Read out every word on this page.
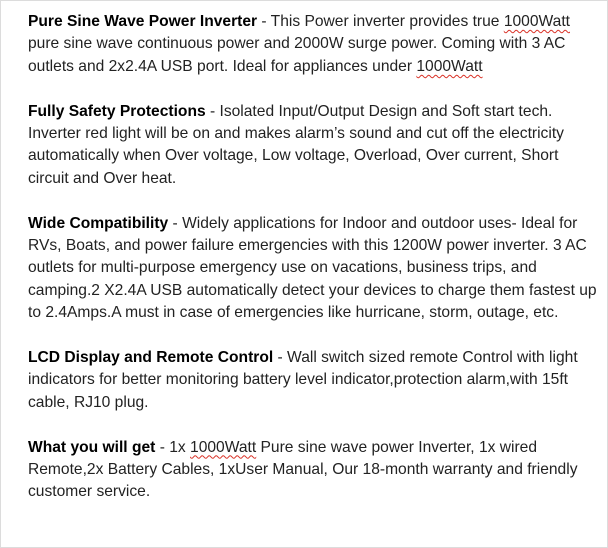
Pure Sine Wave Power Inverter - This Power inverter provides true 1000Watt pure sine wave continuous power and 2000W surge power. Coming with 3 AC outlets and 2x2.4A USB port. Ideal for appliances under 1000Watt

Fully Safety Protections - Isolated Input/Output Design and Soft start tech. Inverter red light will be on and makes alarm’s sound and cut off the electricity automatically when Over voltage, Low voltage, Overload, Over current, Short circuit and Over heat.

Wide Compatibility - Widely applications for Indoor and outdoor uses- Ideal for RVs, Boats, and power failure emergencies with this 1200W power inverter. 3 AC outlets for multi-purpose emergency use on vacations, business trips, and camping.2 X2.4A USB automatically detect your devices to charge them fastest up to 2.4Amps.A must in case of emergencies like hurricane, storm, outage, etc.

LCD Display and Remote Control - Wall switch sized remote Control with light indicators for better monitoring battery level indicator,protection alarm,with 15ft cable, RJ10 plug.

What you will get - 1x 1000Watt Pure sine wave power Inverter, 1x wired Remote,2x Battery Cables, 1xUser Manual, Our 18-month warranty and friendly customer service.
